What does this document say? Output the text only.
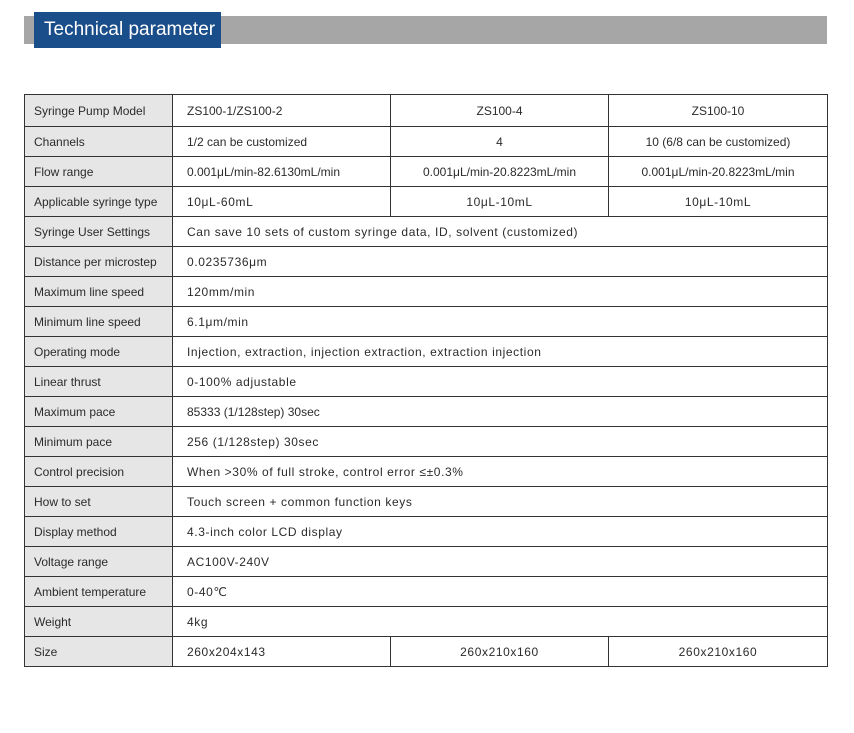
Technical parameter
Syringe Pump Model	ZS100-1/ZS100-2	ZS100-4	ZS100-10
Channels	1/2 can be customized	4	10 (6/8 can be customized)
Flow range	0.001μL/min-82.6130mL/min	0.001μL/min-20.8223mL/min	0.001μL/min-20.8223mL/min
Applicable syringe type	10μL-60mL	10μL-10mL	10μL-10mL
Syringe User Settings	Can save 10 sets of custom syringe data, ID, solvent (customized)		
Distance per microstep	0.0235736μm		
Maximum line speed	120mm/min		
Minimum line speed	6.1μm/min		
Operating mode	Injection, extraction, injection extraction, extraction injection		
Linear thrust	0-100% adjustable		
Maximum pace	85333 (1/128step) 30sec		
Minimum pace	256 (1/128step) 30sec		
Control precision	When >30% of full stroke, control error ≤±0.3%		
How to set	Touch screen + common function keys		
Display method	4.3-inch color LCD display		
Voltage range	AC100V-240V		
Ambient temperature	0-40℃		
Weight	4kg		
Size	260x204x143	260x210x160	260x210x160
